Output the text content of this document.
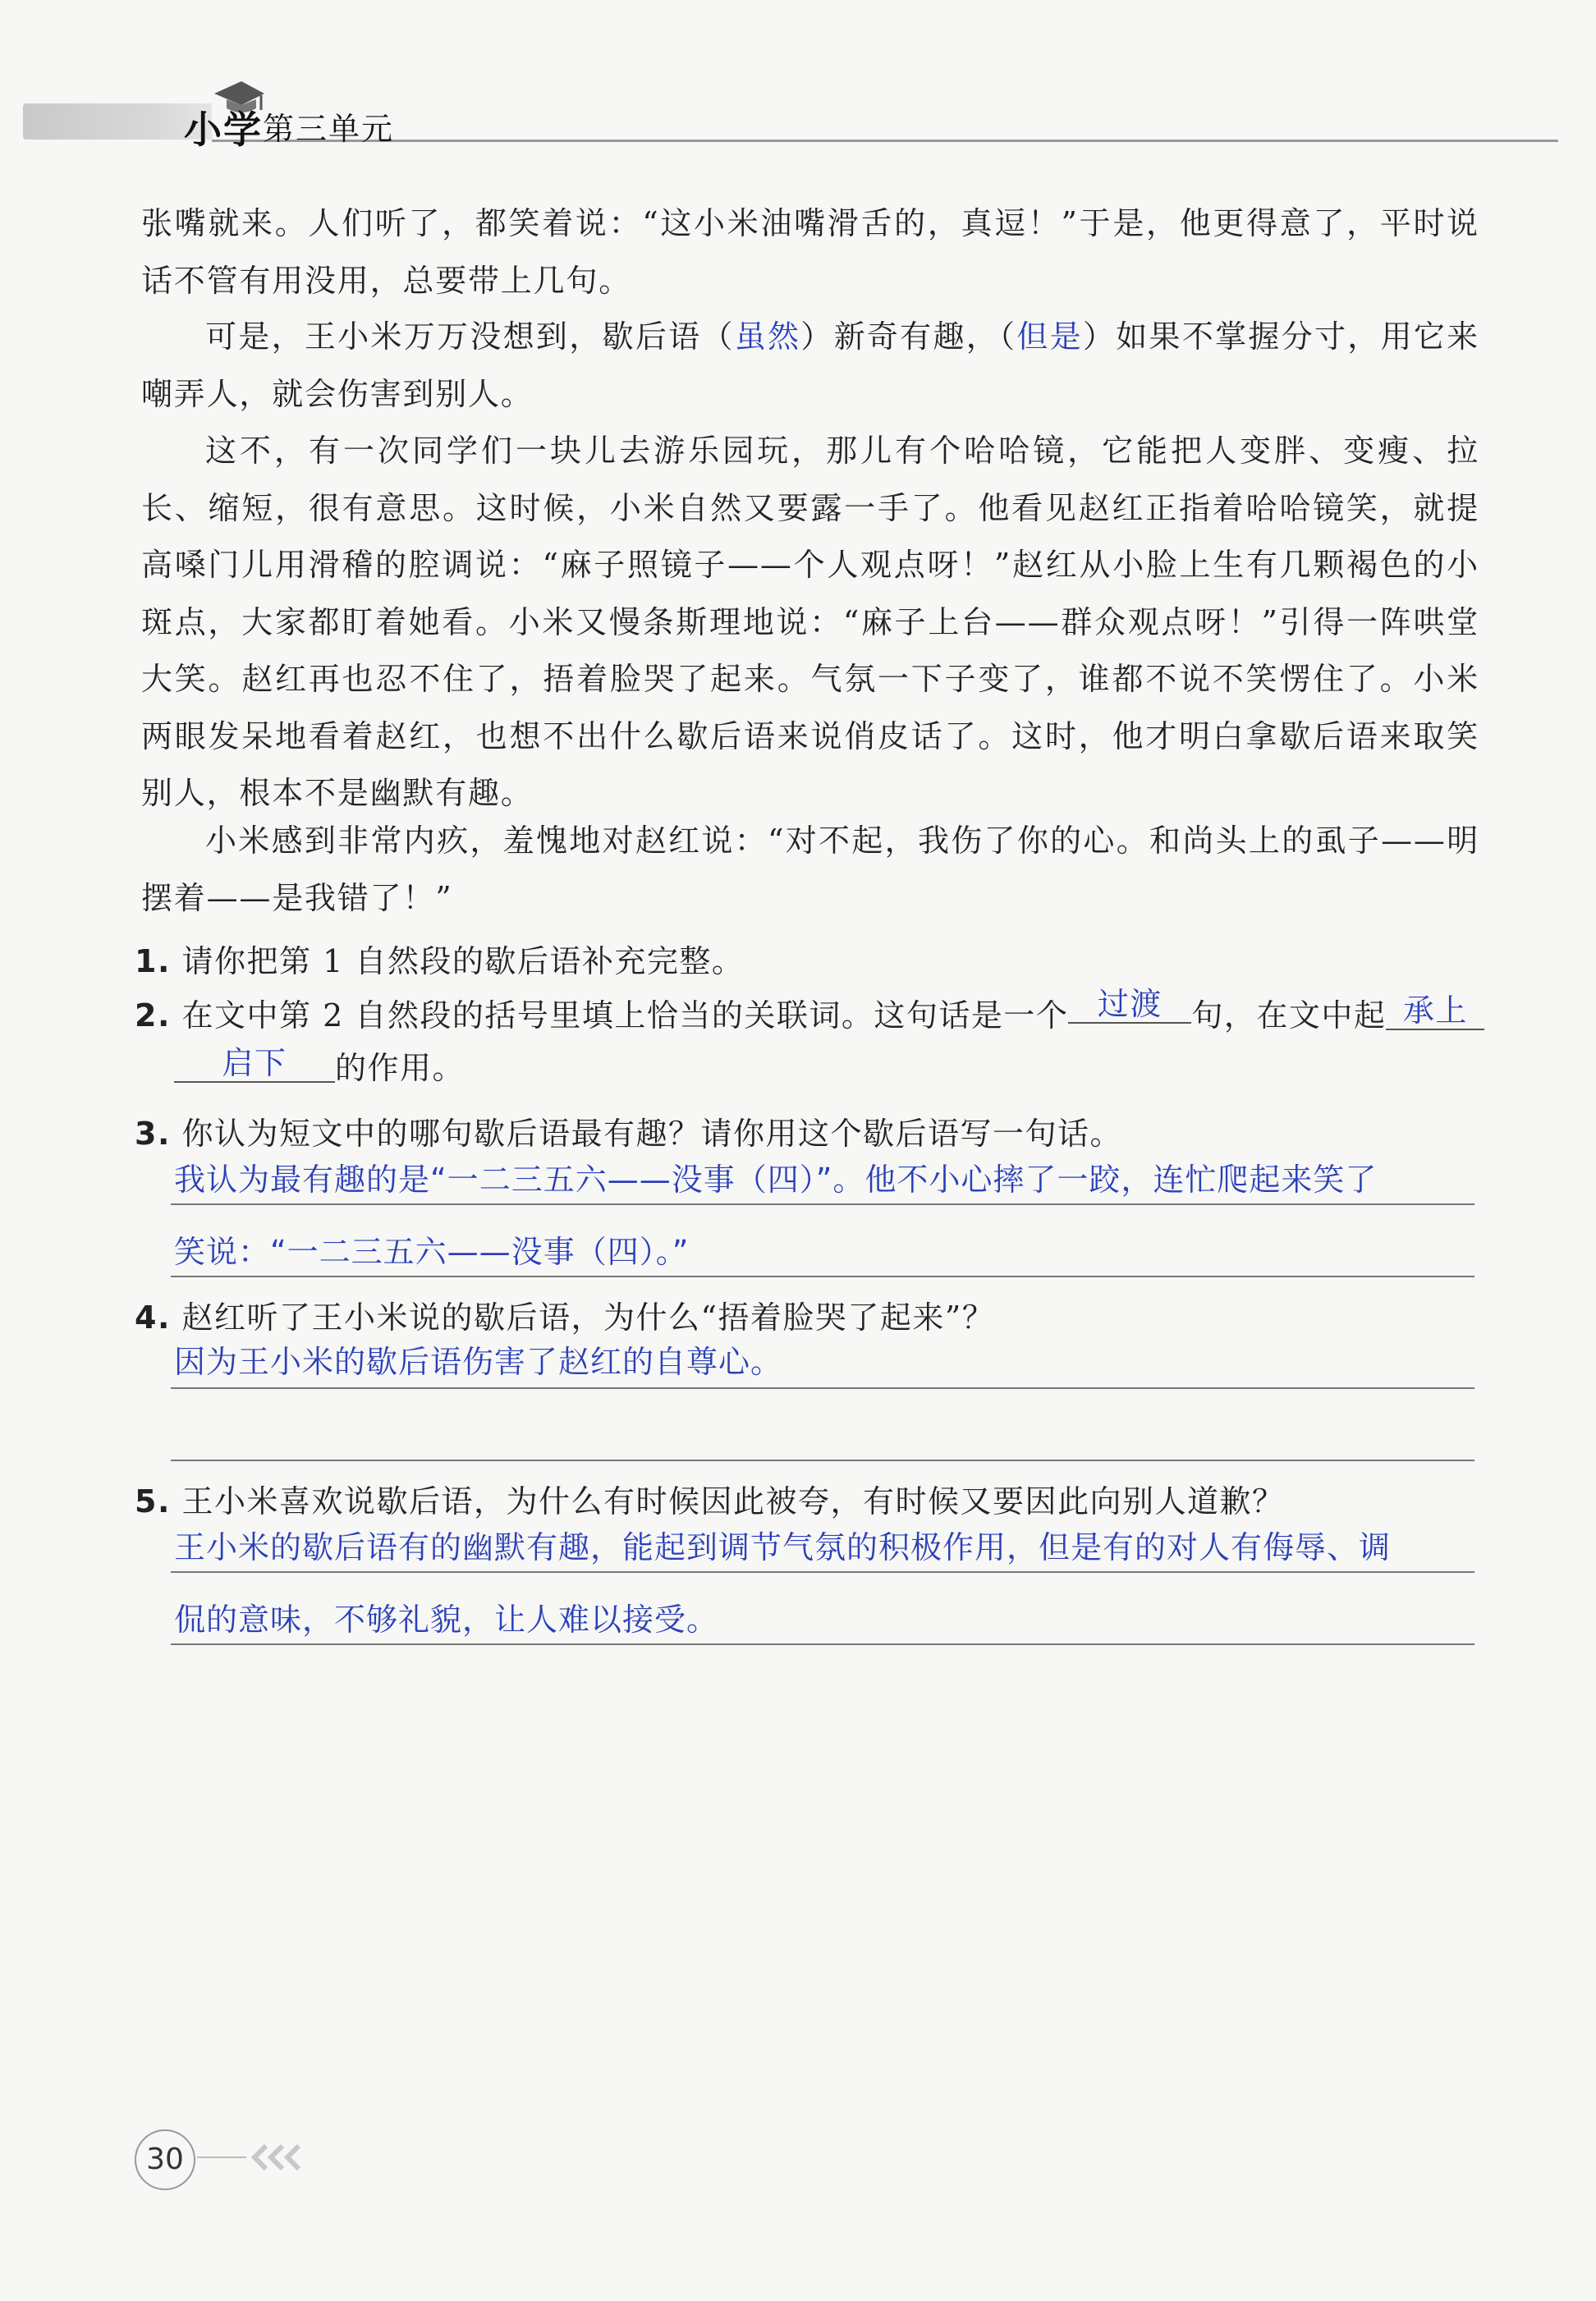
小学 第三单元

张嘴就来。人们听了，都笑着说：“这小米油嘴滑舌的，真逗！”于是，他更得意了，平时说话不管有用没用，总要带上几句。

可是，王小米万万没想到，歇后语（虽然）新奇有趣，（但是）如果不掌握分寸，用它来嘲弄人，就会伤害到别人。

这不，有一次同学们一块儿去游乐园玩，那儿有个哈哈镜，它能把人变胖、变瘦、拉长、缩短，很有意思。这时候，小米自然又要露一手了。他看见赵红正指着哈哈镜笑，就提高嗓门儿用滑稽的腔调说：“麻子照镜子——个人观点呀！”赵红从小脸上生有几颗褐色的小斑点，大家都盯着她看。小米又慢条斯理地说：“麻子上台——群众观点呀！”引得一阵哄堂大笑。赵红再也忍不住了，捂着脸哭了起来。气氛一下子变了，谁都不说不笑愣住了。小米两眼发呆地看着赵红，也想不出什么歇后语来说俏皮话了。这时，他才明白拿歇后语来取笑别人，根本不是幽默有趣。

小米感到非常内疚，羞愧地对赵红说：“对不起，我伤了你的心。和尚头上的虱子——明摆着——是我错了！”

1. 请你把第 1 自然段的歇后语补充完整。
2. 在文中第 2 自然段的括号里填上恰当的关联词。这句话是一个 过渡 句，在文中起 承上
启下 的作用。
3. 你认为短文中的哪句歇后语最有趣？请你用这个歇后语写一句话。
我认为最有趣的是“一二三五六——没事（四）”。他不小心摔了一跤，连忙爬起来笑了
笑说：“一二三五六——没事（四）。”
4. 赵红听了王小米说的歇后语，为什么“捂着脸哭了起来”？
因为王小米的歇后语伤害了赵红的自尊心。
5. 王小米喜欢说歇后语，为什么有时候因此被夸，有时候又要因此向别人道歉？
王小米的歇后语有的幽默有趣，能起到调节气氛的积极作用，但是有的对人有侮辱、调
侃的意味，不够礼貌，让人难以接受。
30
